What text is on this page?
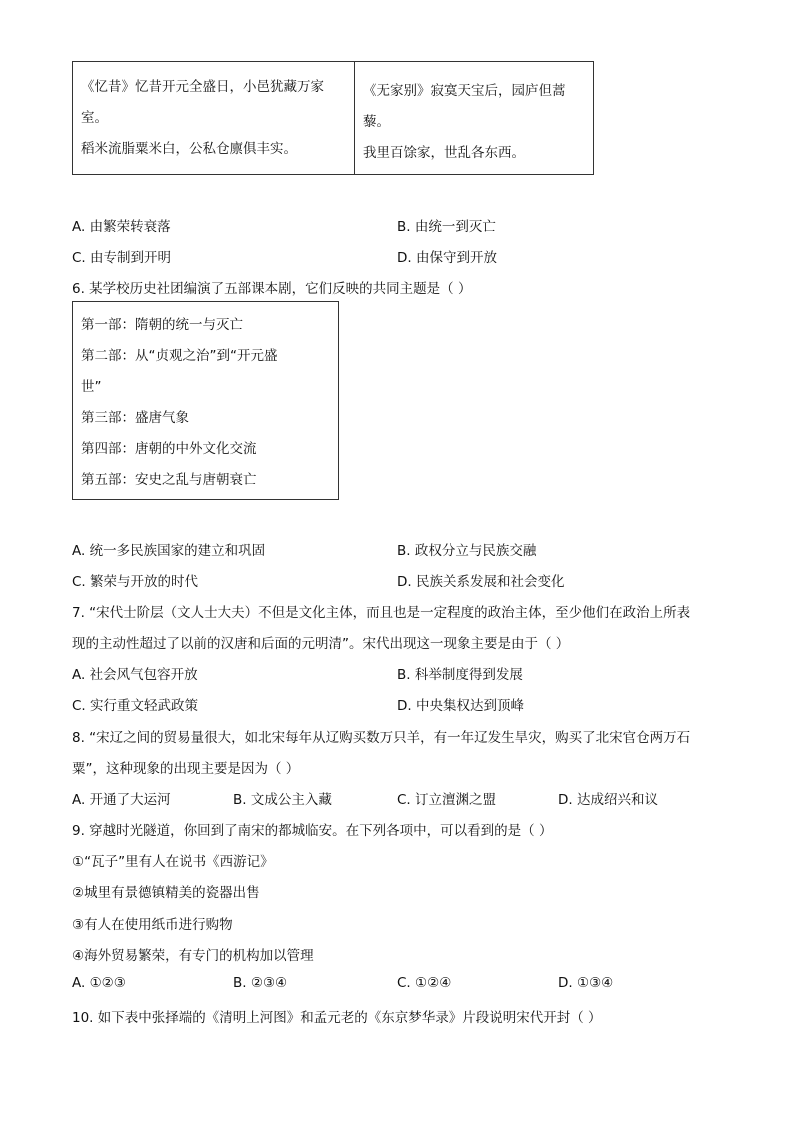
《忆昔》忆昔开元全盛日，小邑犹藏万家
室。
稻米流脂粟米白，公私仓廪俱丰实。
《无家别》寂寞天宝后，园庐但蒿
藜。
我里百馀家，世乱各东西。
A. 由繁荣转衰落	B. 由统一到灭亡
C. 由专制到开明	D. 由保守到开放
6. 某学校历史社团编演了五部课本剧，它们反映的共同主题是（ ）
第一部：隋朝的统一与灭亡
第二部：从“贞观之治”到“开元盛
世”
第三部：盛唐气象
第四部：唐朝的中外文化交流
第五部：安史之乱与唐朝衰亡
A. 统一多民族国家的建立和巩固	B. 政权分立与民族交融
C. 繁荣与开放的时代	D. 民族关系发展和社会变化
7. “宋代士阶层（文人士大夫）不但是文化主体，而且也是一定程度的政治主体，至少他们在政治上所表
现的主动性超过了以前的汉唐和后面的元明清”。宋代出现这一现象主要是由于（ ）
A. 社会风气包容开放	B. 科举制度得到发展
C. 实行重文轻武政策	D. 中央集权达到顶峰
8. “宋辽之间的贸易量很大，如北宋每年从辽购买数万只羊，有一年辽发生旱灾，购买了北宋官仓两万石
粟”，这种现象的出现主要是因为（ ）
A. 开通了大运河	B. 文成公主入藏	C. 订立澶渊之盟	D. 达成绍兴和议
9. 穿越时光隧道，你回到了南宋的都城临安。在下列各项中，可以看到的是（ ）
①“瓦子”里有人在说书《西游记》
②城里有景德镇精美的瓷器出售
③有人在使用纸币进行购物
④海外贸易繁荣，有专门的机构加以管理
A. ①②③	B. ②③④	C. ①②④	D. ①③④
10. 如下表中张择端的《清明上河图》和孟元老的《东京梦华录》片段说明宋代开封（ ）
